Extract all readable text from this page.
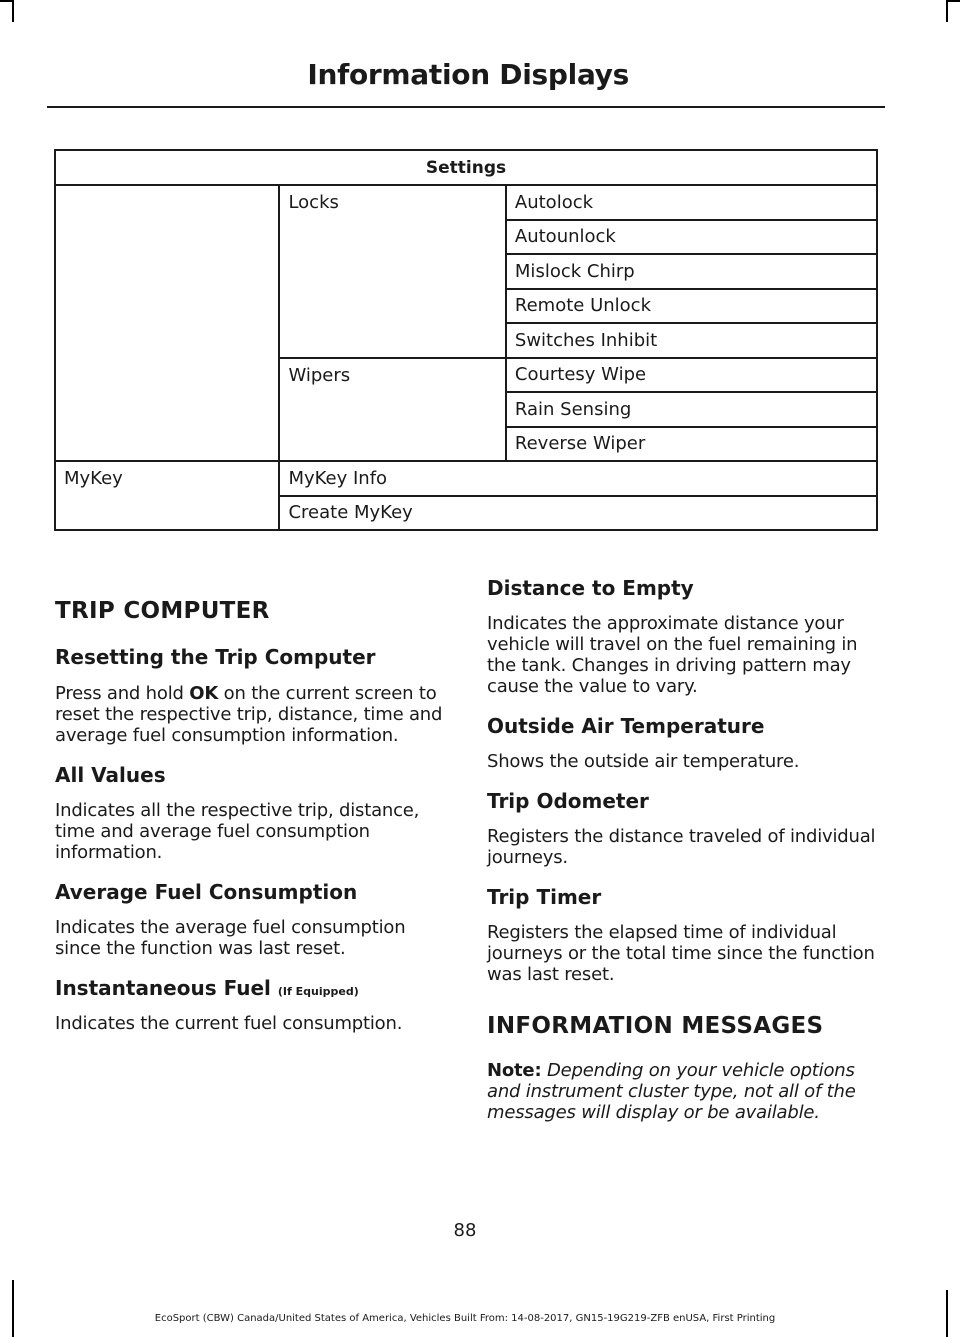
Information Displays
Settings		
	Locks	Autolock
		Autounlock
		Mislock Chirp
		Remote Unlock
		Switches Inhibit
	Wipers	Courtesy Wipe
		Rain Sensing
		Reverse Wiper
MyKey	MyKey Info	
	Create MyKey	
TRIP COMPUTER
Resetting the Trip Computer

Press and hold OK on the current screen to reset the respective trip, distance, time and average fuel consumption information.

All Values

Indicates all the respective trip, distance, time and average fuel consumption information.

Average Fuel Consumption

Indicates the average fuel consumption since the function was last reset.

Instantaneous Fuel (If Equipped)

Indicates the current fuel consumption.

Distance to Empty

Indicates the approximate distance your vehicle will travel on the fuel remaining in the tank. Changes in driving pattern may cause the value to vary.

Outside Air Temperature

Shows the outside air temperature.

Trip Odometer

Registers the distance traveled of individual journeys.

Trip Timer

Registers the elapsed time of individual journeys or the total time since the function was last reset.

INFORMATION MESSAGES

Note: Depending on your vehicle options and instrument cluster type, not all of the messages will display or be available.

88

EcoSport (CBW) Canada/United States of America, Vehicles Built From: 14-08-2017, GN15-19G219-ZFB enUSA, First Printing
